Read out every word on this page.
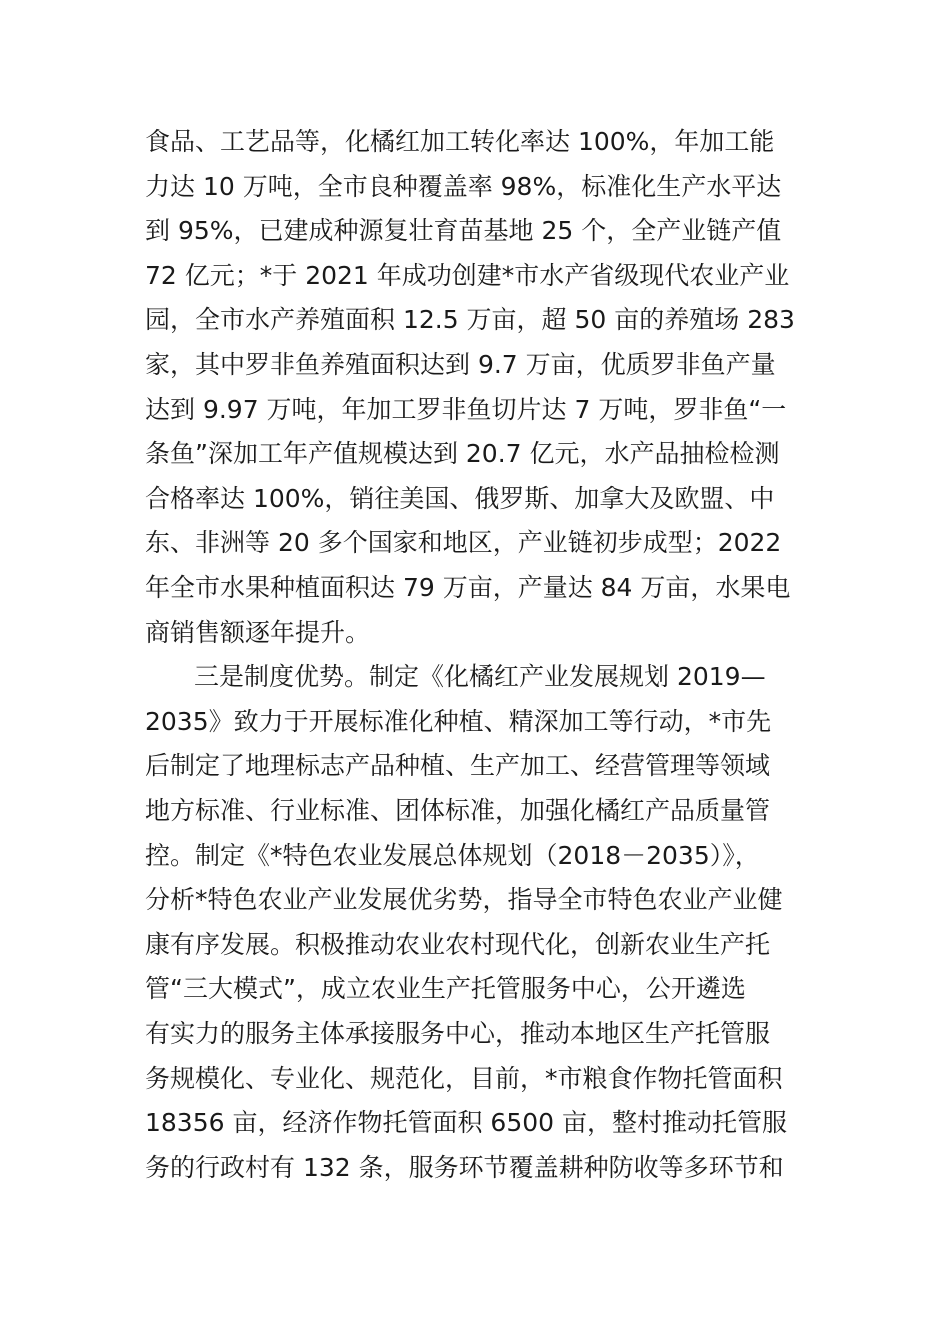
食品、工艺品等，化橘红加工转化率达 100%，年加工能
力达 10 万吨，全市良种覆盖率 98%，标准化生产水平达
到 95%，已建成种源复壮育苗基地 25 个，全产业链产值
72 亿元；*于 2021 年成功创建*市水产省级现代农业产业
园，全市水产养殖面积 12.5 万亩，超 50 亩的养殖场 283
家，其中罗非鱼养殖面积达到 9.7 万亩，优质罗非鱼产量
达到 9.97 万吨，年加工罗非鱼切片达 7 万吨，罗非鱼“一
条鱼”深加工年产值规模达到 20.7 亿元，水产品抽检检测
合格率达 100%，销往美国、俄罗斯、加拿大及欧盟、中
东、非洲等 20 多个国家和地区，产业链初步成型；2022
年全市水果种植面积达 79 万亩，产量达 84 万亩，水果电
商销售额逐年提升。
三是制度优势。制定《化橘红产业发展规划 2019—
2035》致力于开展标准化种植、精深加工等行动，*市先
后制定了地理标志产品种植、生产加工、经营管理等领域
地方标准、行业标准、团体标准，加强化橘红产品质量管
控。制定《*特色农业发展总体规划（2018－2035）》，
分析*特色农业产业发展优劣势，指导全市特色农业产业健
康有序发展。积极推动农业农村现代化，创新农业生产托
管“三大模式”，成立农业生产托管服务中心，公开遴选
有实力的服务主体承接服务中心，推动本地区生产托管服
务规模化、专业化、规范化，目前，*市粮食作物托管面积
18356 亩，经济作物托管面积 6500 亩，整村推动托管服
务的行政村有 132 条，服务环节覆盖耕种防收等多环节和
